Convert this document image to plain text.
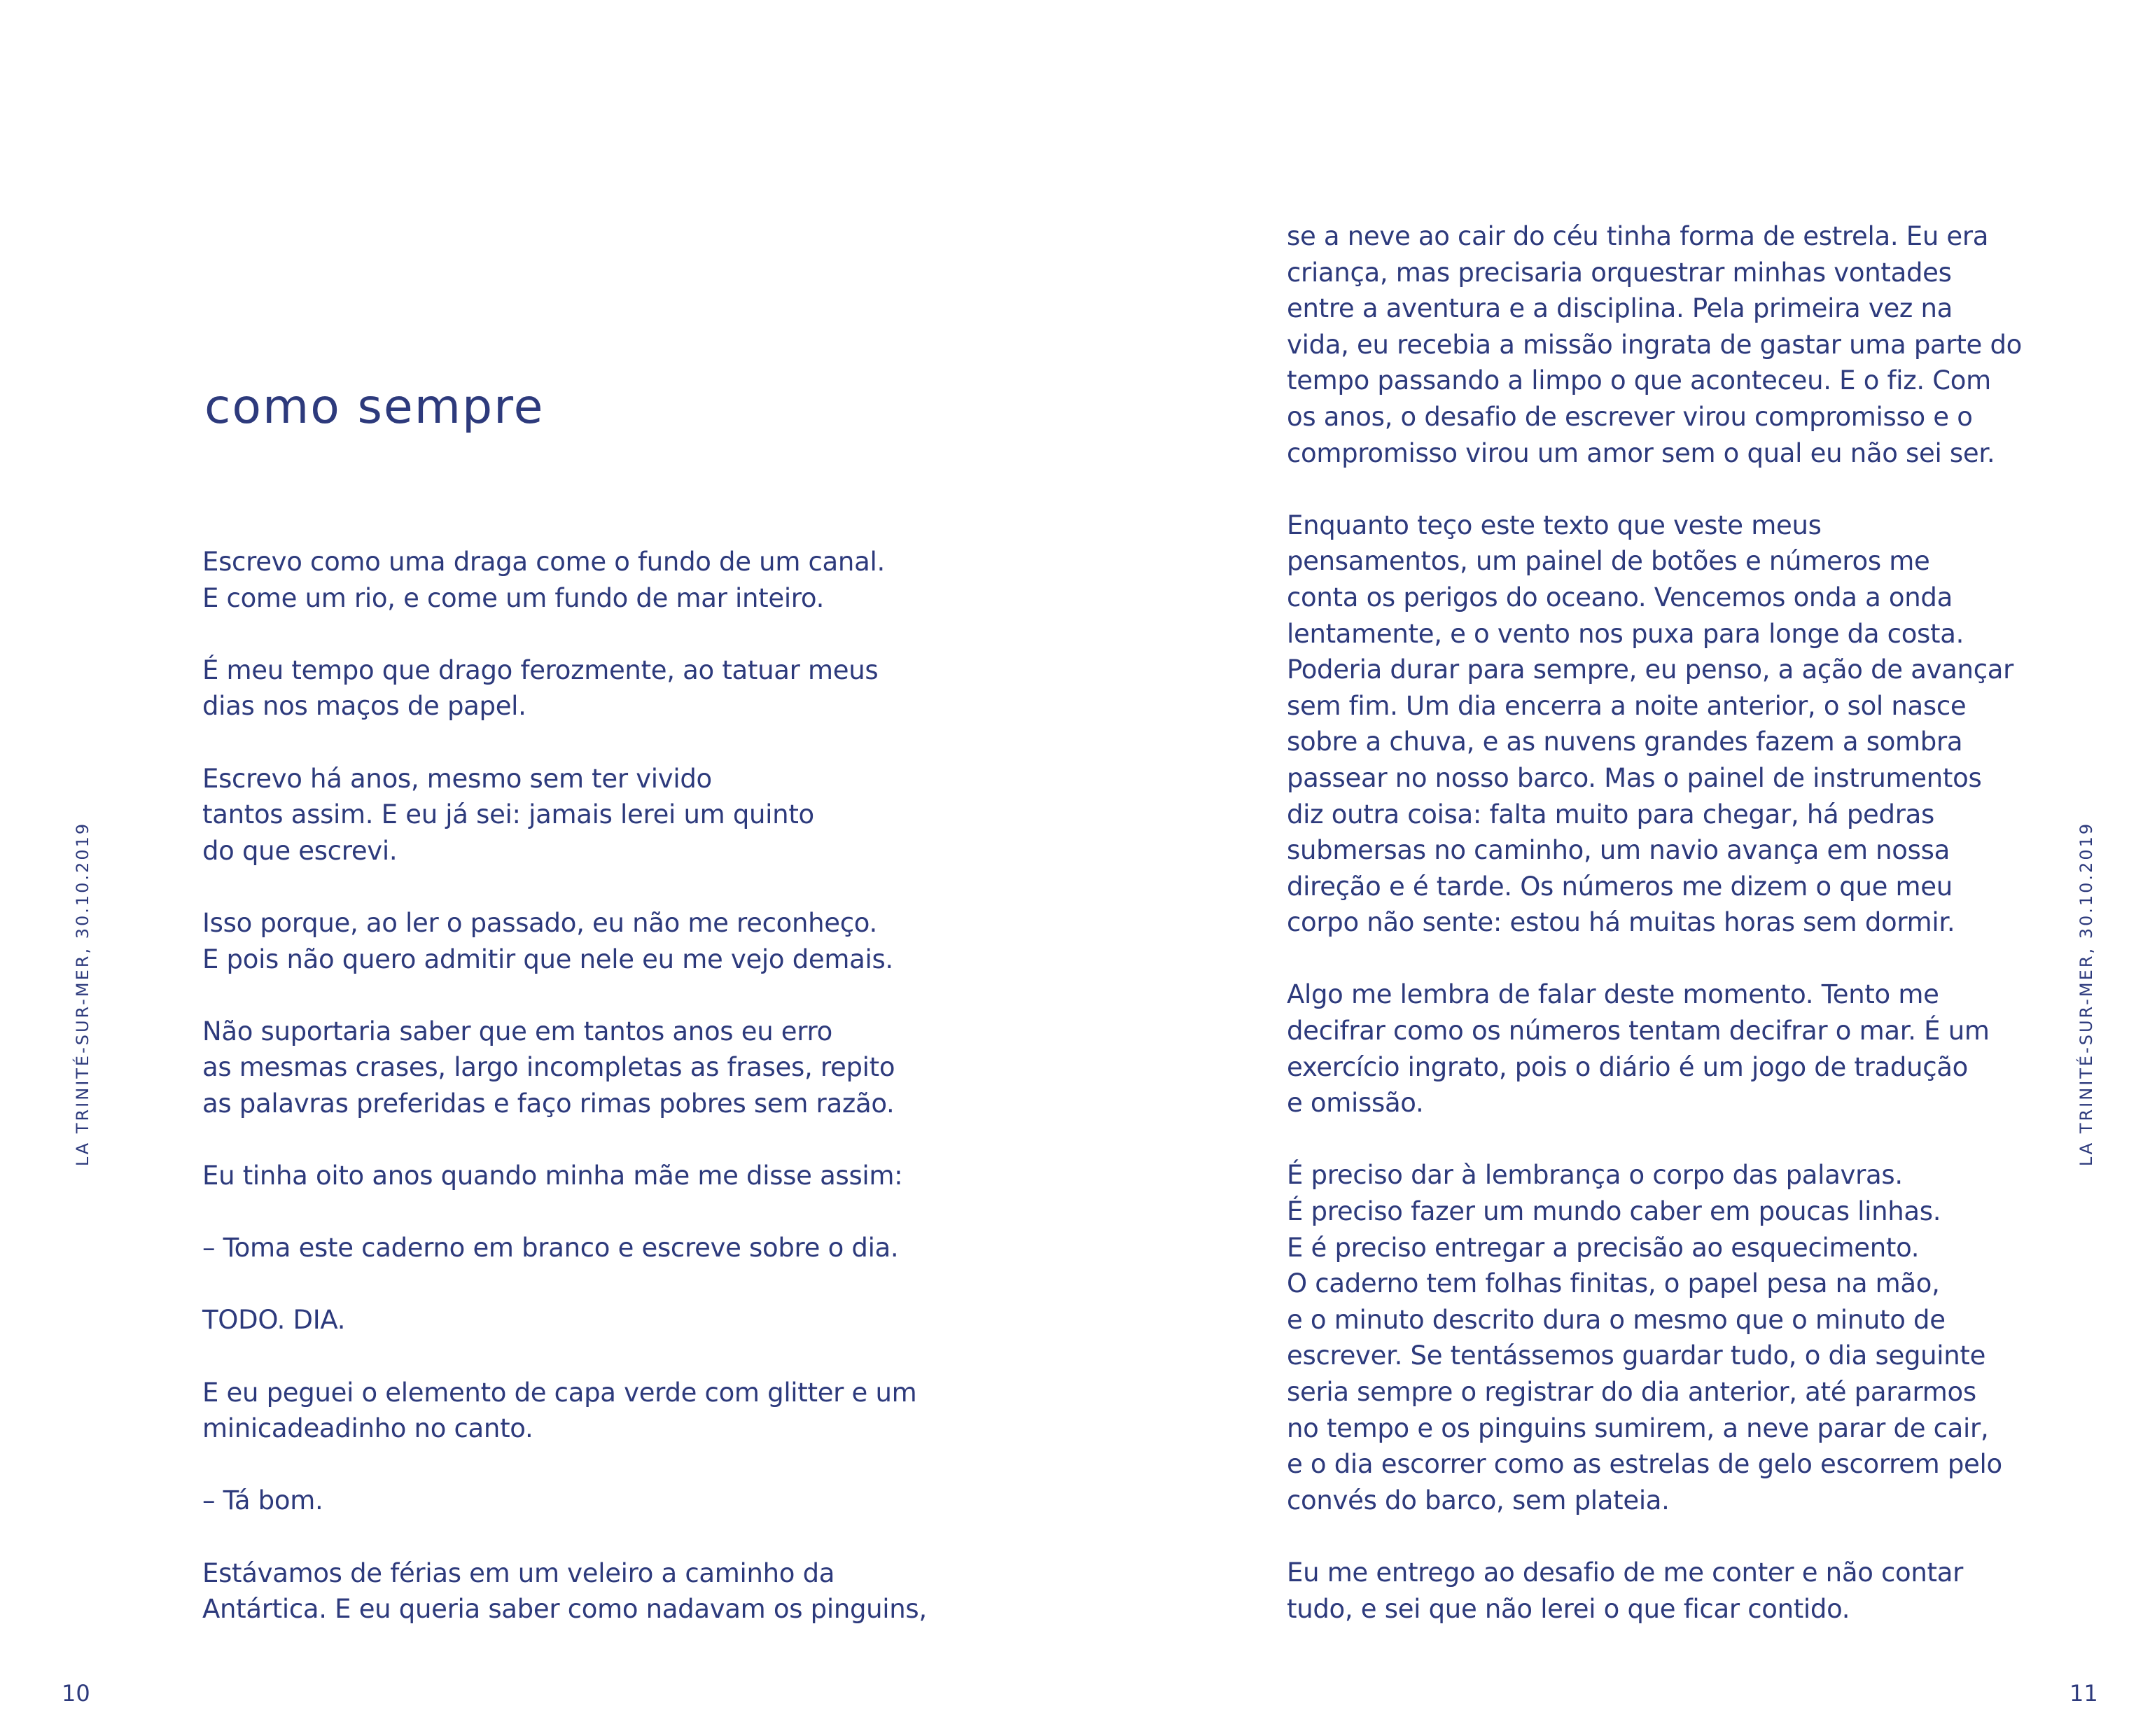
como sempre

Escrevo como uma draga come o fundo de um canal.
E come um rio, e come um fundo de mar inteiro.

É meu tempo que drago ferozmente, ao tatuar meus
dias nos maços de papel.

Escrevo há anos, mesmo sem ter vivido
tantos assim. E eu já sei: jamais lerei um quinto
do que escrevi.

Isso porque, ao ler o passado, eu não me reconheço.
E pois não quero admitir que nele eu me vejo demais.

Não suportaria saber que em tantos anos eu erro
as mesmas crases, largo incompletas as frases, repito
as palavras preferidas e faço rimas pobres sem razão.

Eu tinha oito anos quando minha mãe me disse assim:

– Toma este caderno em branco e escreve sobre o dia.

TODO. DIA.

E eu peguei o elemento de capa verde com glitter e um
minicadeadinho no canto.

– Tá bom.

Estávamos de férias em um veleiro a caminho da
Antártica. E eu queria saber como nadavam os pinguins,

LA TRINITÉ-SUR-MER, 30.10.2019
10

se a neve ao cair do céu tinha forma de estrela. Eu era
criança, mas precisaria orquestrar minhas vontades
entre a aventura e a disciplina. Pela primeira vez na
vida, eu recebia a missão ingrata de gastar uma parte do
tempo passando a limpo o que aconteceu. E o fiz. Com
os anos, o desafio de escrever virou compromisso e o
compromisso virou um amor sem o qual eu não sei ser.

Enquanto teço este texto que veste meus
pensamentos, um painel de botões e números me
conta os perigos do oceano. Vencemos onda a onda
lentamente, e o vento nos puxa para longe da costa.
Poderia durar para sempre, eu penso, a ação de avançar
sem fim. Um dia encerra a noite anterior, o sol nasce
sobre a chuva, e as nuvens grandes fazem a sombra
passear no nosso barco. Mas o painel de instrumentos
diz outra coisa: falta muito para chegar, há pedras
submersas no caminho, um navio avança em nossa
direção e é tarde. Os números me dizem o que meu
corpo não sente: estou há muitas horas sem dormir.

Algo me lembra de falar deste momento. Tento me
decifrar como os números tentam decifrar o mar. É um
exercício ingrato, pois o diário é um jogo de tradução
e omissão.

É preciso dar à lembrança o corpo das palavras.
É preciso fazer um mundo caber em poucas linhas.
E é preciso entregar a precisão ao esquecimento.
O caderno tem folhas finitas, o papel pesa na mão,
e o minuto descrito dura o mesmo que o minuto de
escrever. Se tentássemos guardar tudo, o dia seguinte
seria sempre o registrar do dia anterior, até pararmos
no tempo e os pinguins sumirem, a neve parar de cair,
e o dia escorrer como as estrelas de gelo escorrem pelo
convés do barco, sem plateia.

Eu me entrego ao desafio de me conter e não contar
tudo, e sei que não lerei o que ficar contido.

LA TRINITÉ-SUR-MER, 30.10.2019
11
